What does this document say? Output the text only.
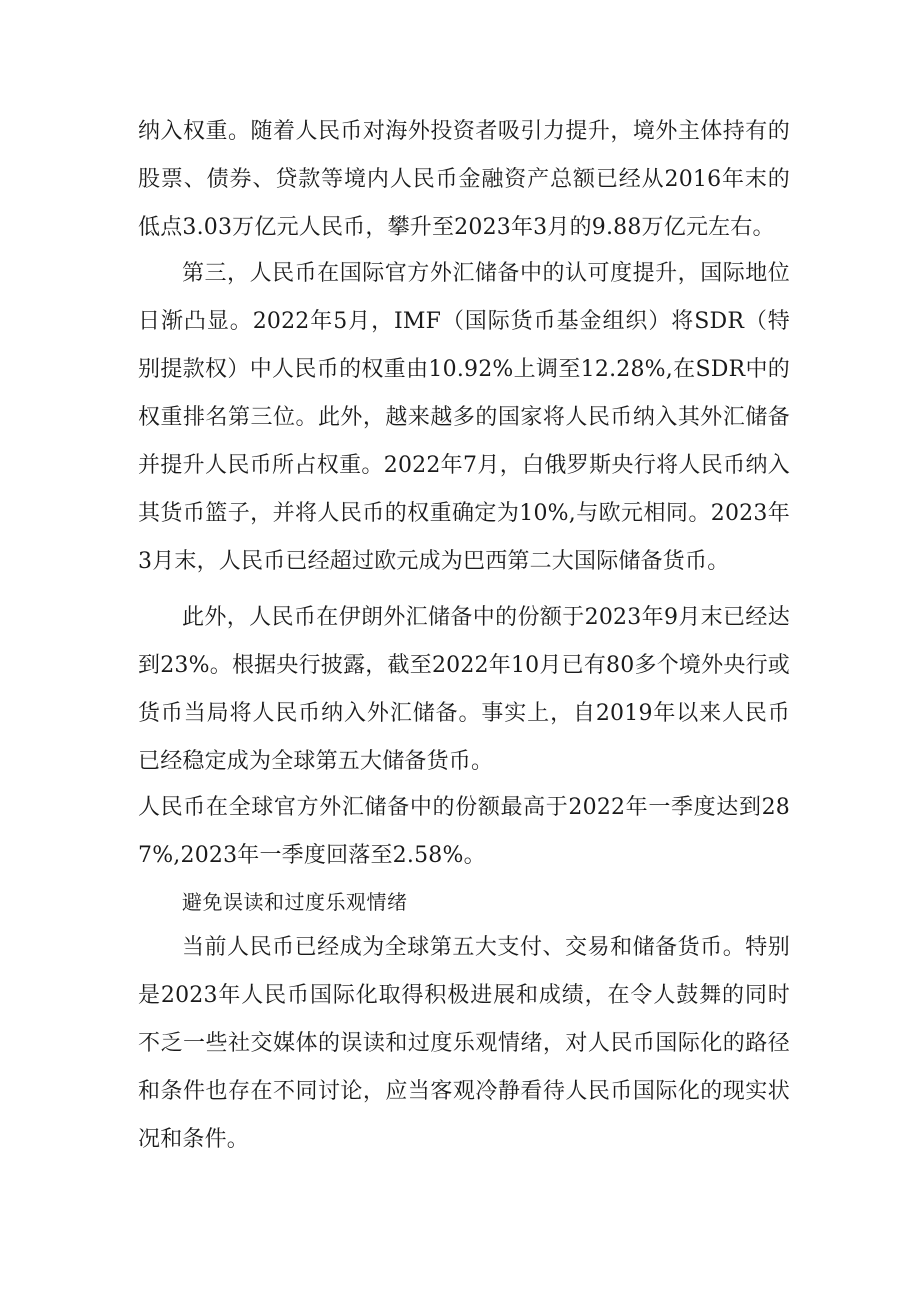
纳入权重。随着人民币对海外投资者吸引力提升，境外主体持有的股票、债券、贷款等境内人民币金融资产总额已经从2016年末的低点3.03万亿元人民币，攀升至2023年3月的9.88万亿元左右。

第三，人民币在国际官方外汇储备中的认可度提升，国际地位日渐凸显。2022年5月，IMF（国际货币基金组织）将SDR（特别提款权）中人民币的权重由10.92%上调至12.28%,在SDR中的权重排名第三位。此外，越来越多的国家将人民币纳入其外汇储备并提升人民币所占权重。2022年7月，白俄罗斯央行将人民币纳入其货币篮子，并将人民币的权重确定为10%,与欧元相同。2023年3月末，人民币已经超过欧元成为巴西第二大国际储备货币。

此外，人民币在伊朗外汇储备中的份额于2023年9月末已经达到23%。根据央行披露，截至2022年10月已有80多个境外央行或货币当局将人民币纳入外汇储备。事实上，自2019年以来人民币已经稳定成为全球第五大储备货币。

人民币在全球官方外汇储备中的份额最高于2022年一季度达到287%,2023年一季度回落至2.58%。

避免误读和过度乐观情绪

当前人民币已经成为全球第五大支付、交易和储备货币。特别是2023年人民币国际化取得积极进展和成绩，在令人鼓舞的同时不乏一些社交媒体的误读和过度乐观情绪，对人民币国际化的路径和条件也存在不同讨论，应当客观冷静看待人民币国际化的现实状况和条件。
